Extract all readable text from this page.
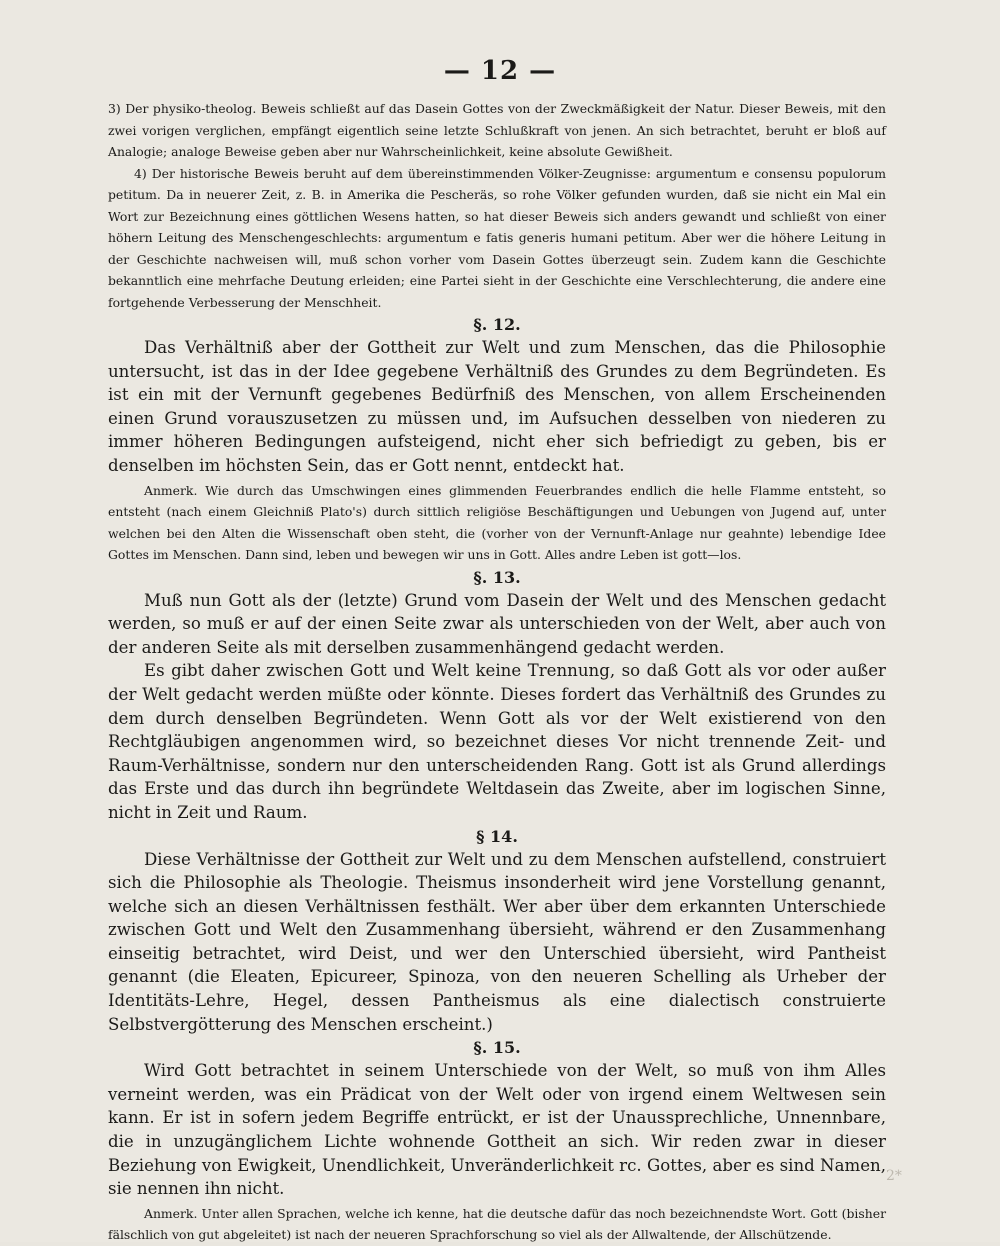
— 12 —

3) Der physiko-theolog. Beweis schließt auf das Dasein Gottes von der Zweckmäßigkeit der Natur. Dieser Beweis, mit den zwei vorigen verglichen, empfängt eigentlich seine letzte Schlußkraft von jenen. An sich betrachtet, beruht er bloß auf Analogie; analoge Beweise geben aber nur Wahrscheinlichkeit, keine absolute Gewißheit.

4) Der historische Beweis beruht auf dem übereinstimmenden Völker-Zeugnisse: argumentum e consensu populorum petitum. Da in neuerer Zeit, z. B. in Amerika die Pescheräs, so rohe Völker gefunden wurden, daß sie nicht ein Mal ein Wort zur Bezeichnung eines göttlichen Wesens hatten, so hat dieser Beweis sich anders gewandt und schließt von einer höhern Leitung des Menschengeschlechts: argumentum e fatis generis humani petitum. Aber wer die höhere Leitung in der Geschichte nachweisen will, muß schon vorher vom Dasein Gottes überzeugt sein. Zudem kann die Geschichte bekanntlich eine mehrfache Deutung erleiden; eine Partei sieht in der Geschichte eine Verschlechterung, die andere eine fortgehende Verbesserung der Menschheit.

§. 12.

Das Verhältniß aber der Gottheit zur Welt und zum Menschen, das die Philosophie untersucht, ist das in der Idee gegebene Verhältniß des Grundes zu dem Begründeten. Es ist ein mit der Vernunft gegebenes Bedürfniß des Menschen, von allem Erscheinenden einen Grund vorauszusetzen zu müssen und, im Aufsuchen desselben von niederen zu immer höheren Bedingungen aufsteigend, nicht eher sich befriedigt zu geben, bis er denselben im höchsten Sein, das er Gott nennt, entdeckt hat.

Anmerk. Wie durch das Umschwingen eines glimmenden Feuerbrandes endlich die helle Flamme entsteht, so entsteht (nach einem Gleichniß Plato's) durch sittlich religiöse Beschäftigungen und Uebungen von Jugend auf, unter welchen bei den Alten die Wissenschaft oben steht, die (vorher von der Vernunft-Anlage nur geahnte) lebendige Idee Gottes im Menschen. Dann sind, leben und bewegen wir uns in Gott. Alles andre Leben ist gott—los.

§. 13.

Muß nun Gott als der (letzte) Grund vom Dasein der Welt und des Menschen gedacht werden, so muß er auf der einen Seite zwar als unterschieden von der Welt, aber auch von der anderen Seite als mit derselben zusammenhängend gedacht werden.

Es gibt daher zwischen Gott und Welt keine Trennung, so daß Gott als vor oder außer der Welt gedacht werden müßte oder könnte. Dieses fordert das Verhältniß des Grundes zu dem durch denselben Begründeten. Wenn Gott als vor der Welt existierend von den Rechtgläubigen angenommen wird, so bezeichnet dieses Vor nicht trennende Zeit- und Raum-Verhältnisse, sondern nur den unterscheidenden Rang. Gott ist als Grund allerdings das Erste und das durch ihn begründete Weltdasein das Zweite, aber im logischen Sinne, nicht in Zeit und Raum.

§ 14.

Diese Verhältnisse der Gottheit zur Welt und zu dem Menschen aufstellend, construiert sich die Philosophie als Theologie. Theismus insonderheit wird jene Vorstellung genannt, welche sich an diesen Verhältnissen festhält. Wer aber über dem erkannten Unterschiede zwischen Gott und Welt den Zusammenhang übersieht, während er den Zusammenhang einseitig betrachtet, wird Deist, und wer den Unterschied übersieht, wird Pantheist genannt (die Eleaten, Epicureer, Spinoza, von den neueren Schelling als Urheber der Identitäts-Lehre, Hegel, dessen Pantheismus als eine dialectisch construierte Selbstvergötterung des Menschen erscheint.)

§. 15.

Wird Gott betrachtet in seinem Unterschiede von der Welt, so muß von ihm Alles verneint werden, was ein Prädicat von der Welt oder von irgend einem Weltwesen sein kann. Er ist in sofern jedem Begriffe entrückt, er ist der Unaussprechliche, Unnennbare, die in unzugänglichem Lichte wohnende Gottheit an sich. Wir reden zwar in dieser Beziehung von Ewigkeit, Unendlichkeit, Unveränderlichkeit rc. Gottes, aber es sind Namen, sie nennen ihn nicht.

Anmerk. Unter allen Sprachen, welche ich kenne, hat die deutsche dafür das noch bezeichnendste Wort. Gott (bisher fälschlich von gut abgeleitet) ist nach der neueren Sprachforschung so viel als der Allwaltende, der Allschützende.

2*
